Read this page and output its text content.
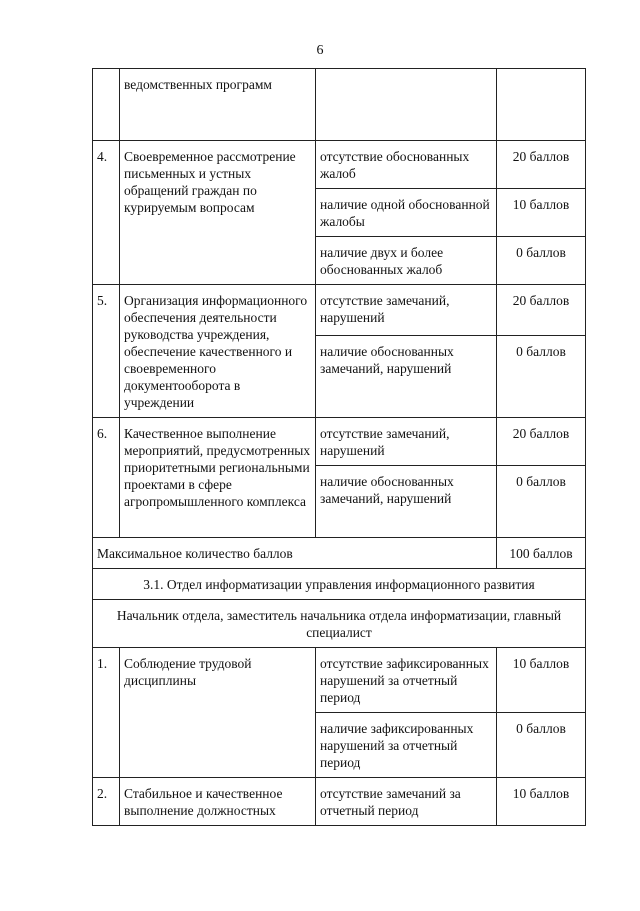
6
	ведомственных программ		
4.	Своевременное рассмотрение письменных и устных обращений граждан по курируемым вопросам	отсутствие обоснованных жалоб	20 баллов
		наличие одной обоснованной жалобы	10 баллов
		наличие двух и более обоснованных жалоб	0 баллов
5.	Организация информационного обеспечения деятельности руководства учреждения, обеспечение качественного и своевременного документооборота в учреждении	отсутствие замечаний, нарушений	20 баллов
		наличие обоснованных замечаний, нарушений	0 баллов
6.	Качественное выполнение мероприятий, предусмотренных приоритетными региональными проектами в сфере агропромышленного комплекса	отсутствие замечаний, нарушений	20 баллов
		наличие обоснованных замечаний, нарушений	0 баллов
Максимальное количество баллов			100 баллов
3.1. Отдел информатизации управления информационного развития			
Начальник отдела, заместитель начальника отдела информатизации, главный специалист			
1.	Соблюдение трудовой дисциплины	отсутствие зафиксированных нарушений за отчетный период	10 баллов
		наличие зафиксированных нарушений за отчетный период	0 баллов
2.	Стабильное и качественное выполнение должностных	отсутствие замечаний за отчетный период	10 баллов
